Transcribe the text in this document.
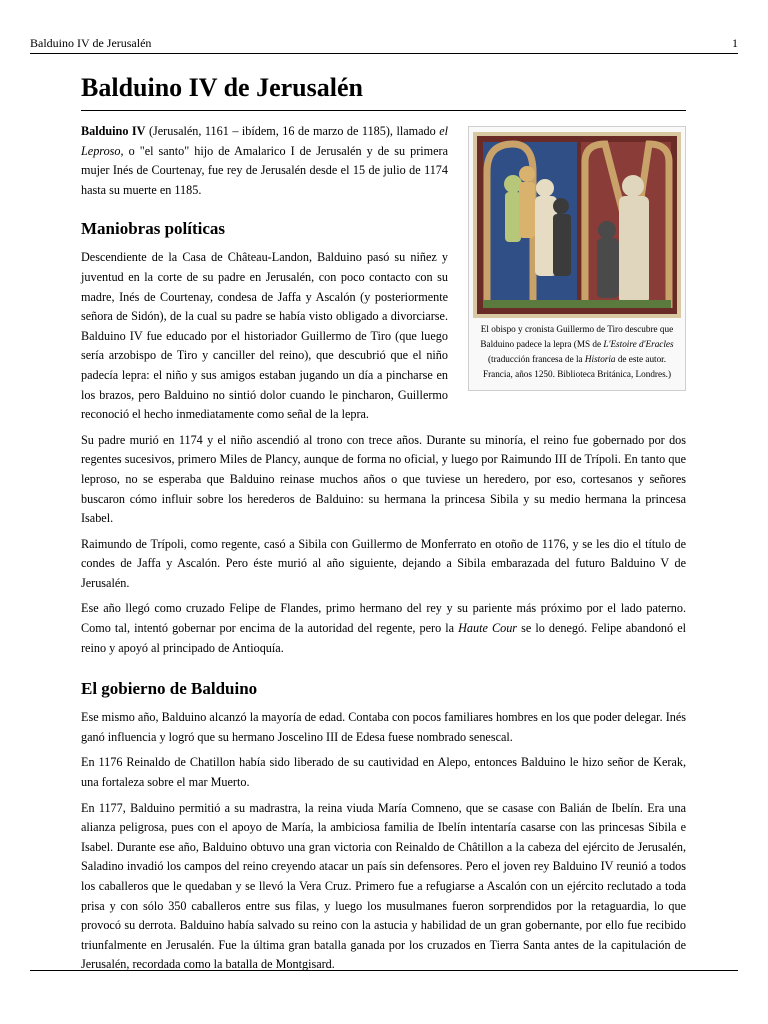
Balduino IV de Jerusalén	1
Balduino IV de Jerusalén
El obispo y cronista Guillermo de Tiro descubre que Balduino padece la lepra (MS de L'Estoire d'Eracles (traducción francesa de la Historia de este autor. Francia, años 1250. Biblioteca Británica, Londres.)

Balduino IV (Jerusalén, 1161 – ibídem, 16 de marzo de 1185), llamado el Leproso, o "el santo" hijo de Amalarico I de Jerusalén y de su primera mujer Inés de Courtenay, fue rey de Jerusalén desde el 15 de julio de 1174 hasta su muerte en 1185.

Maniobras políticas

Descendiente de la Casa de Château-Landon, Balduino pasó su niñez y juventud en la corte de su padre en Jerusalén, con poco contacto con su madre, Inés de Courtenay, condesa de Jaffa y Ascalón (y posteriormente señora de Sidón), de la cual su padre se había visto obligado a divorciarse. Balduino IV fue educado por el historiador Guillermo de Tiro (que luego sería arzobispo de Tiro y canciller del reino), que descubrió que el niño padecía lepra: el niño y sus amigos estaban jugando un día a pincharse en los brazos, pero Balduino no sintió dolor cuando le pincharon, Guillermo reconoció el hecho inmediatamente como señal de la lepra.

Su padre murió en 1174 y el niño ascendió al trono con trece años. Durante su minoría, el reino fue gobernado por dos regentes sucesivos, primero Miles de Plancy, aunque de forma no oficial, y luego por Raimundo III de Trípoli. En tanto que leproso, no se esperaba que Balduino reinase muchos años o que tuviese un heredero, por eso, cortesanos y señores buscaron cómo influir sobre los herederos de Balduino: su hermana la princesa Sibila y su medio hermana la princesa Isabel.

Raimundo de Trípoli, como regente, casó a Sibila con Guillermo de Monferrato en otoño de 1176, y se les dio el título de condes de Jaffa y Ascalón. Pero éste murió al año siguiente, dejando a Sibila embarazada del futuro Balduino V de Jerusalén.

Ese año llegó como cruzado Felipe de Flandes, primo hermano del rey y su pariente más próximo por el lado paterno. Como tal, intentó gobernar por encima de la autoridad del regente, pero la Haute Cour se lo denegó. Felipe abandonó el reino y apoyó al principado de Antioquía.

El gobierno de Balduino

Ese mismo año, Balduino alcanzó la mayoría de edad. Contaba con pocos familiares hombres en los que poder delegar. Inés ganó influencia y logró que su hermano Joscelino III de Edesa fuese nombrado senescal.

En 1176 Reinaldo de Chatillon había sido liberado de su cautividad en Alepo, entonces Balduino le hizo señor de Kerak, una fortaleza sobre el mar Muerto.

En 1177, Balduino permitió a su madrastra, la reina viuda María Comneno, que se casase con Balián de Ibelín. Era una alianza peligrosa, pues con el apoyo de María, la ambiciosa familia de Ibelín intentaría casarse con las princesas Sibila e Isabel. Durante ese año, Balduino obtuvo una gran victoria con Reinaldo de Châtillon a la cabeza del ejército de Jerusalén, Saladino invadió los campos del reino creyendo atacar un país sin defensores. Pero el joven rey Balduino IV reunió a todos los caballeros que le quedaban y se llevó la Vera Cruz. Primero fue a refugiarse a Ascalón con un ejército reclutado a toda prisa y con sólo 350 caballeros entre sus filas, y luego los musulmanes fueron sorprendidos por la retaguardia, lo que provocó su derrota. Balduino había salvado su reino con la astucia y habilidad de un gran gobernante, por ello fue recibido triunfalmente en Jerusalén. Fue la última gran batalla ganada por los cruzados en Tierra Santa antes de la capitulación de Jerusalén, recordada como la batalla de Montgisard.
